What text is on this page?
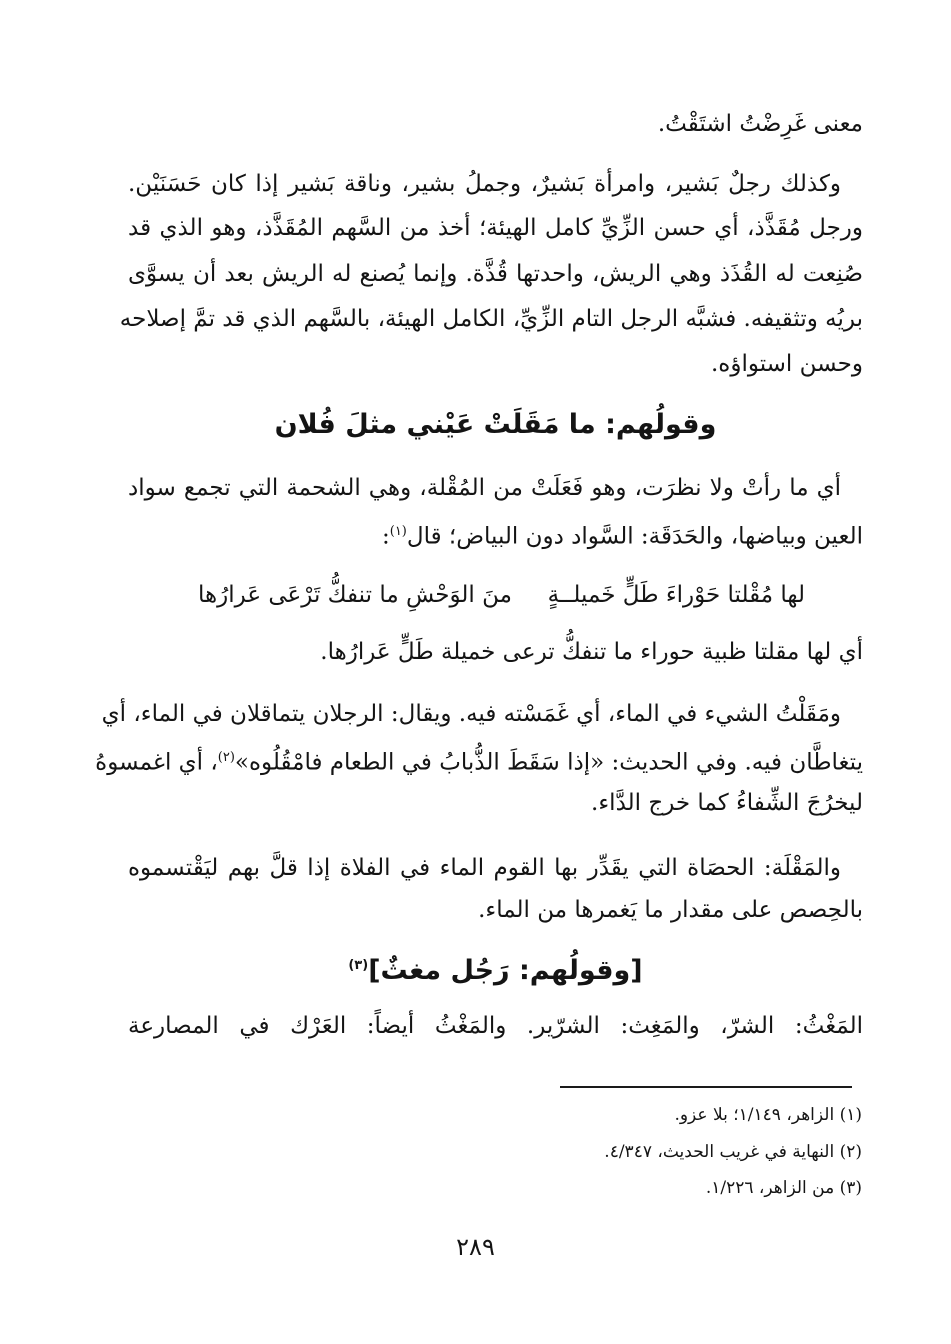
معنى غَرِضْتُ اشتَقْتُ.
وكذلك رجلٌ بَشير، وامرأة بَشيرٌ، وجملُ بشير، وناقة بَشير إذا كان حَسَنَيْن.
ورجل مُقَذَّذ، أي حسن الزِّيِّ كامل الهيئة؛ أخذ من السَّهم المُقَذَّذ، وهو الذي قد
صُنِعت له القُذَذ وهي الريش، واحدتها قُذَّة. وإنما يُصنع له الريش بعد أن يسوَّى
بريُه وتثقيفه. فشبَّه الرجل التام الزِّيِّ، الكامل الهيئة، بالسَّهم الذي قد تمَّ إصلاحه
وحسن استواؤه.
وقولُهم: ما مَقَلَتْ عَيْني مثلَ فُلان
أي ما رأتْ ولا نظرَت، وهو فَعَلَتْ من المُقْلة، وهي الشحمة التي تجمع سواد
العين وبياضها، والحَدَقَة: السَّواد دون البياض؛ قال$^{(١)}$:
لها مُقْلتا حَوْراءَ طَلٍّ خَميلــةٍ
منَ الوَحْشِ ما تنفكُّ تَرْعَى عَرارُها
أي لها مقلتا ظبية حوراء ما تنفكُّ ترعى خميلة طَلٍّ عَرارُها.
ومَقَلْتُ الشيء في الماء، أي غَمَسْته فيه. ويقال: الرجلان يتماقلان في الماء، أي
يتغاطَّان فيه. وفي الحديث: «إذا سَقَطَ الذُّبابُ في الطعام فامْقُلُوه»$^{(٢)}$، أي اغمسوهُ
ليخرُجَ الشِّفاءُ كما خرج الدَّاء.
والمَقْلَة: الحصَاة التي يقَدِّر بها القوم الماء في الفلاة إذا قلَّ بهم ليَقْتسموه
بالحِصص على مقدار ما يَغمرها من الماء.
[وقولُهم: رَجُل مغثٌ]$^{(٣)}$
المَغْثُ: الشرّ، والمَغِث: الشرّير. والمَغْثُ أيضاً: العَرْك في المصارعة
(١) الزاهر، ١/١٤٩؛ بلا عزو.
(٢) النهاية في غريب الحديث، ٤/٣٤٧.
(٣) من الزاهر، ١/٢٢٦.
٢٨٩
